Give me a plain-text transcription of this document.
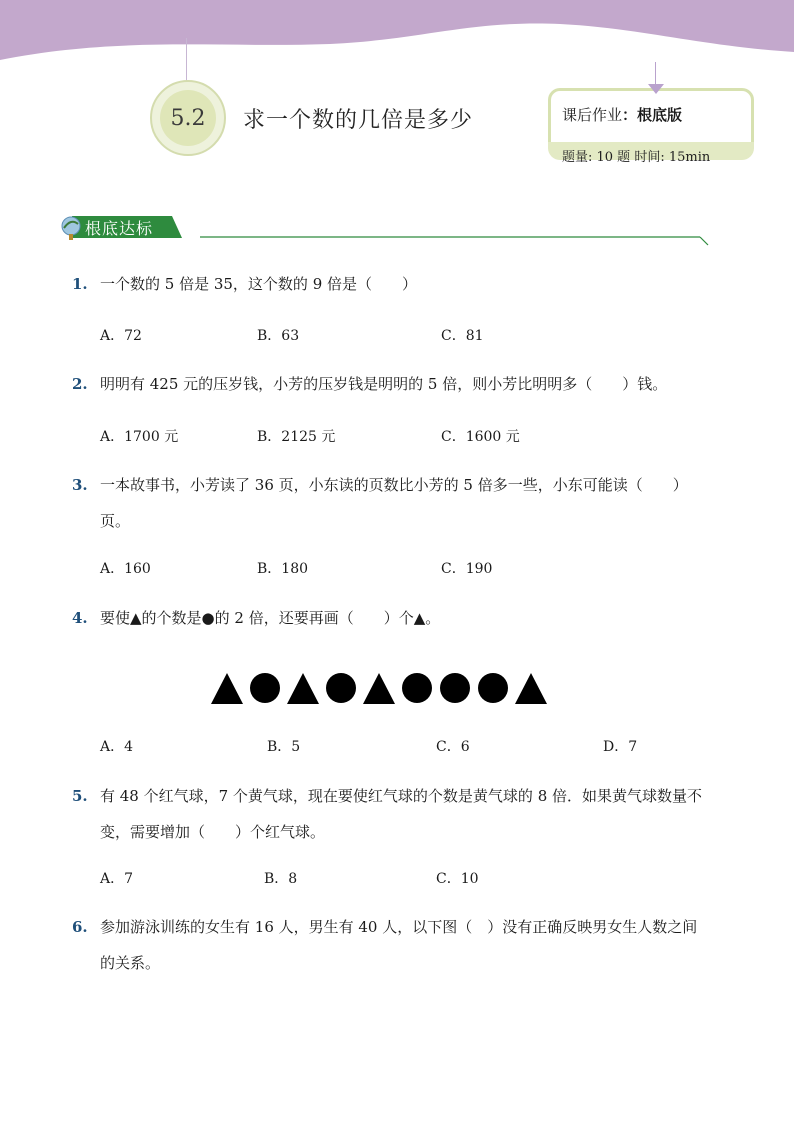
5.2	求一个数的几倍是多少	课后作业：根底版
题量: 10 题 时间: 15min
根底达标
1. 一个数的 5 倍是 35，这个数的 9 倍是（　　）
A．72	B．63	C．81
2. 明明有 425 元的压岁钱，小芳的压岁钱是明明的 5 倍，则小芳比明明多（　　）钱。
A．1700 元	B．2125 元	C．1600 元
3. 一本故事书，小芳读了 36 页，小东读的页数比小芳的 5 倍多一些，小东可能读（　　）
页。
A．160	B．180	C．190
4. 要使▲的个数是●的 2 倍，还要再画（　　）个▲。
A．4	B．5	C．6	D．7
5. 有 48 个红气球，7 个黄气球，现在要使红气球的个数是黄气球的 8 倍．如果黄气球数量不
变，需要增加（　　）个红气球。
A．7	B．8	C．10
6. 参加游泳训练的女生有 16 人，男生有 40 人，以下图（　）没有正确反映男女生人数之间
的关系。
